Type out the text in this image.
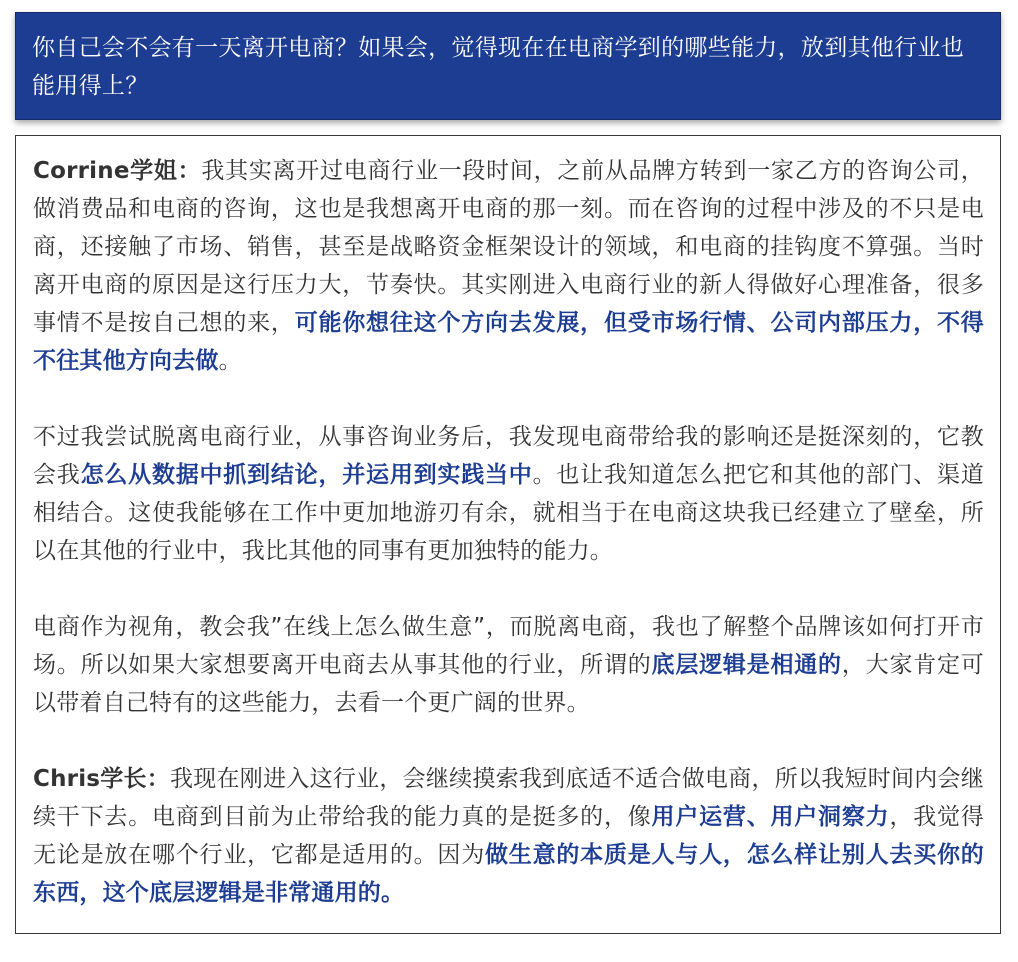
你自己会不会有一天离开电商？如果会，觉得现在在电商学到的哪些能力，放到其他行业也能用得上？

Corrine学姐：我其实离开过电商行业一段时间，之前从品牌方转到一家乙方的咨询公司，做消费品和电商的咨询，这也是我想离开电商的那一刻。而在咨询的过程中涉及的不只是电商，还接触了市场、销售，甚至是战略资金框架设计的领域，和电商的挂钩度不算强。当时离开电商的原因是这行压力大，节奏快。其实刚进入电商行业的新人得做好心理准备，很多事情不是按自己想的来，可能你想往这个方向去发展，但受市场行情、公司内部压力，不得不往其他方向去做。

不过我尝试脱离电商行业，从事咨询业务后，我发现电商带给我的影响还是挺深刻的，它教会我怎么从数据中抓到结论，并运用到实践当中。也让我知道怎么把它和其他的部门、渠道相结合。这使我能够在工作中更加地游刃有余，就相当于在电商这块我已经建立了壁垒，所以在其他的行业中，我比其他的同事有更加独特的能力。

电商作为视角，教会我”在线上怎么做生意”，而脱离电商，我也了解整个品牌该如何打开市场。所以如果大家想要离开电商去从事其他的行业，所谓的底层逻辑是相通的，大家肯定可以带着自己特有的这些能力，去看一个更广阔的世界。

Chris学长：我现在刚进入这行业，会继续摸索我到底适不适合做电商，所以我短时间内会继续干下去。电商到目前为止带给我的能力真的是挺多的，像用户运营、用户洞察力，我觉得无论是放在哪个行业，它都是适用的。因为做生意的本质是人与人，怎么样让别人去买你的东西，这个底层逻辑是非常通用的。
